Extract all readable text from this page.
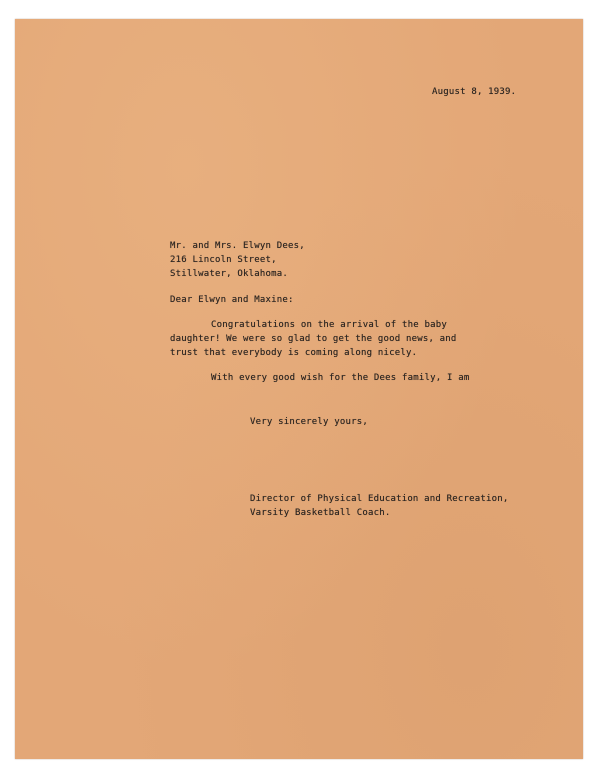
August 8, 1939.
Mr. and Mrs. Elwyn Dees,
216 Lincoln Street,
Stillwater, Oklahoma.
Dear Elwyn and Maxine:
Congratulations on the arrival of the baby
daughter! We were so glad to get the good news, and
trust that everybody is coming along nicely.
With every good wish for the Dees family, I am
Very sincerely yours,
Director of Physical Education and Recreation,
Varsity Basketball Coach.
